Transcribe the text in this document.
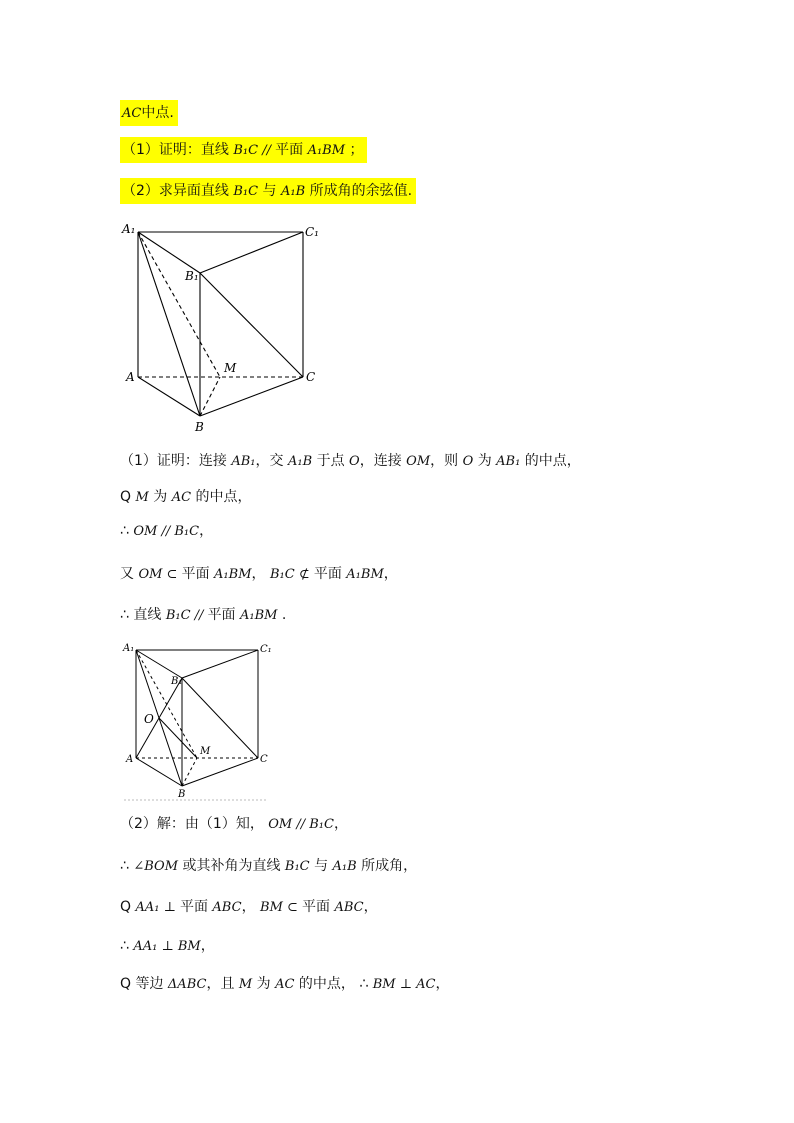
AC中点.
（1）证明：直线 B₁C // 平面 A₁BM ；
（2）求异面直线 B₁C 与 A₁B 所成角的余弦值.
A₁	C₁
B₁
M
A	C
B
（1）证明：连接 AB₁，交 A₁B 于点 O，连接 OM，则 O 为 AB₁ 的中点，
Q M 为 AC 的中点，
∴ OM // B₁C，
又 OM ⊂ 平面 A₁BM， B₁C ⊄ 平面 A₁BM，
∴ 直线 B₁C // 平面 A₁BM .
A₁	C₁
B₁
O
M
A	C
B
（2）解：由（1）知， OM // B₁C，
∴ ∠BOM 或其补角为直线 B₁C 与 A₁B 所成角，
Q AA₁ ⊥ 平面 ABC， BM ⊂ 平面 ABC，
∴ AA₁ ⊥ BM，
Q 等边 ΔABC，且 M 为 AC 的中点， ∴ BM ⊥ AC，
